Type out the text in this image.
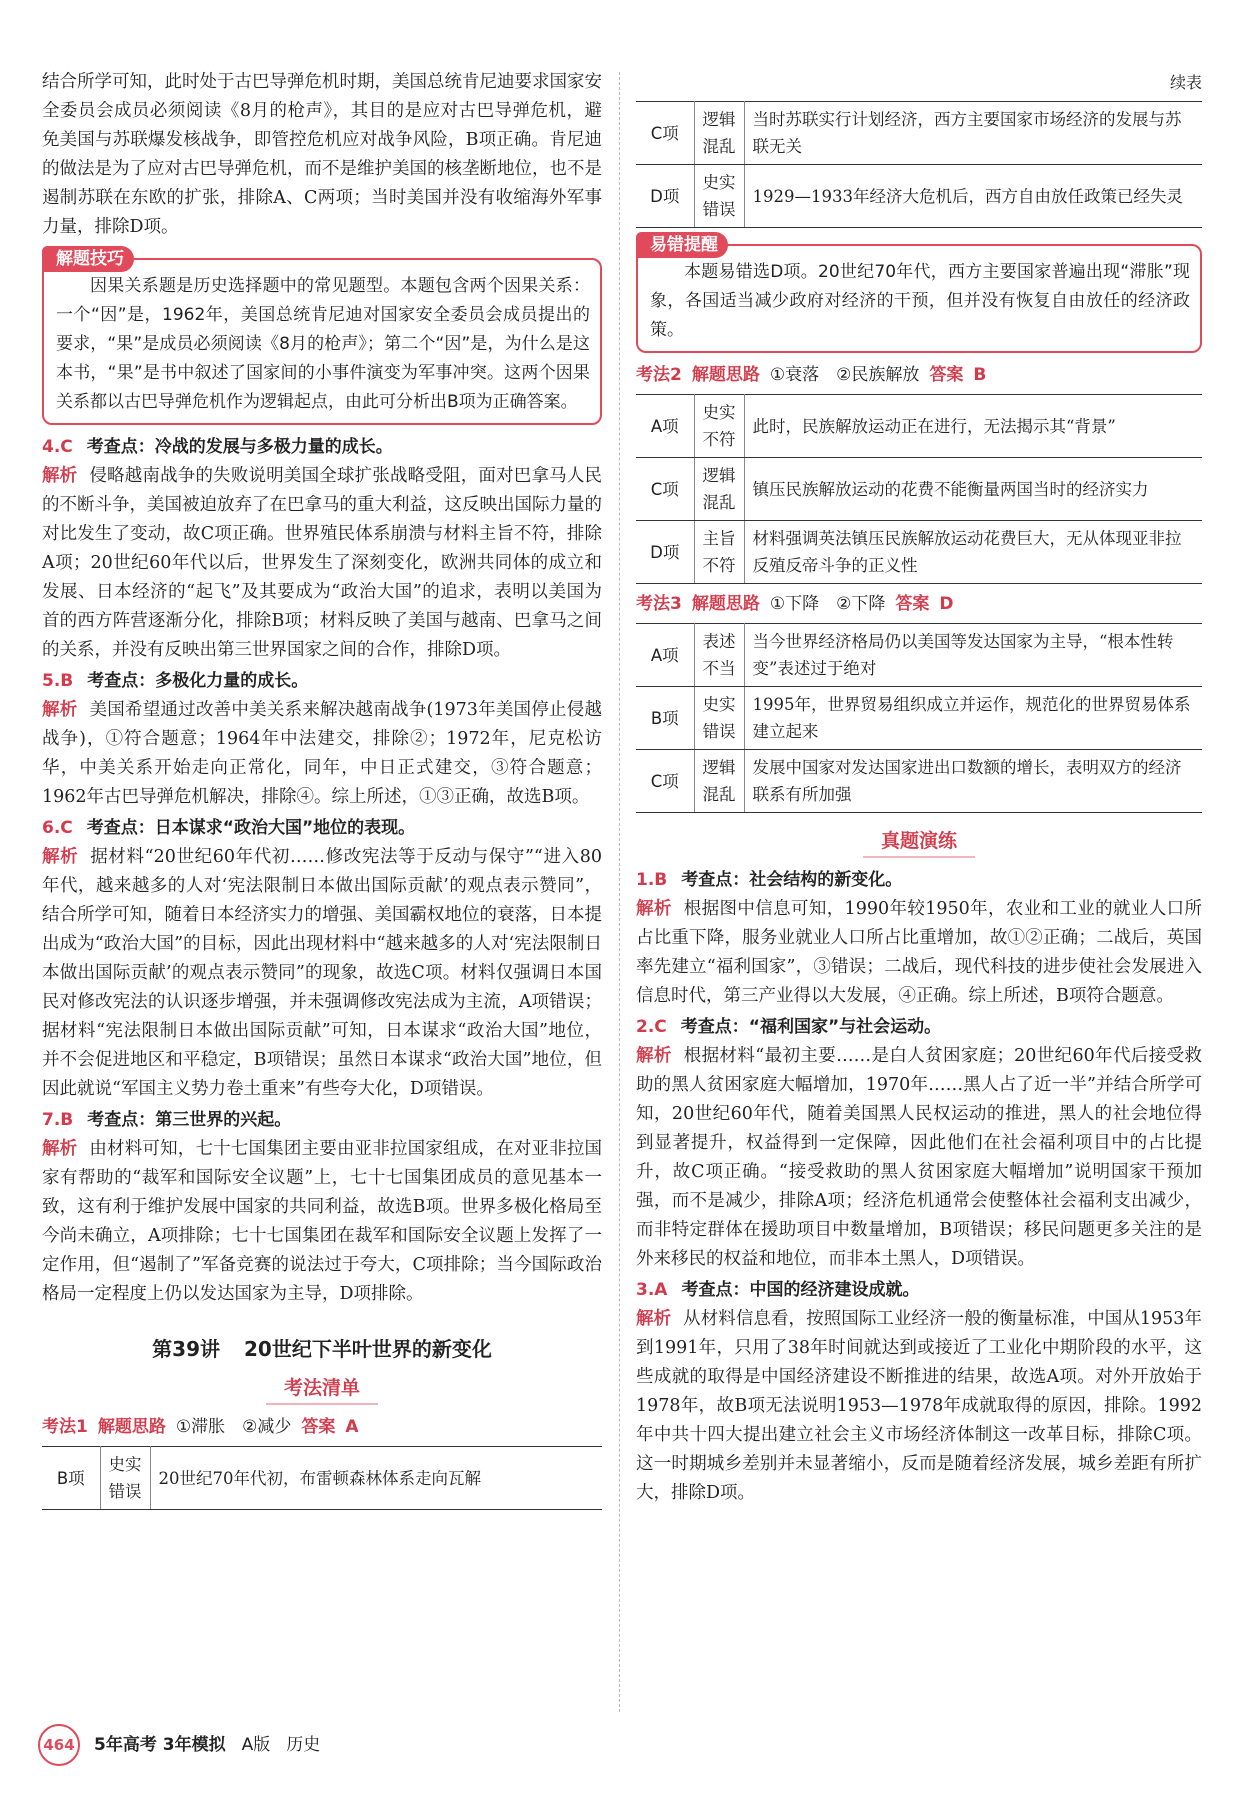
结合所学可知，此时处于古巴导弹危机时期，美国总统肯尼迪要求国家安全委员会成员必须阅读《8月的枪声》，其目的是应对古巴导弹危机，避免美国与苏联爆发核战争，即管控危机应对战争风险，B项正确。肯尼迪的做法是为了应对古巴导弹危机，而不是维护美国的核垄断地位，也不是遏制苏联在东欧的扩张，排除A、C两项；当时美国并没有收缩海外军事力量，排除D项。

解题技巧

因果关系题是历史选择题中的常见题型。本题包含两个因果关系：一个“因”是，1962年，美国总统肯尼迪对国家安全委员会成员提出的要求，“果”是成员必须阅读《8月的枪声》；第二个“因”是，为什么是这本书，“果”是书中叙述了国家间的小事件演变为军事冲突。这两个因果关系都以古巴导弹危机作为逻辑起点，由此可分析出B项为正确答案。

4.C 考查点：冷战的发展与多极力量的成长。

解析 侵略越南战争的失败说明美国全球扩张战略受阻，面对巴拿马人民的不断斗争，美国被迫放弃了在巴拿马的重大利益，这反映出国际力量的对比发生了变动，故C项正确。世界殖民体系崩溃与材料主旨不符，排除A项；20世纪60年代以后，世界发生了深刻变化，欧洲共同体的成立和发展、日本经济的“起飞”及其要成为“政治大国”的追求，表明以美国为首的西方阵营逐渐分化，排除B项；材料反映了美国与越南、巴拿马之间的关系，并没有反映出第三世界国家之间的合作，排除D项。

5.B 考查点：多极化力量的成长。

解析 美国希望通过改善中美关系来解决越南战争(1973年美国停止侵越战争)，①符合题意；1964年中法建交，排除②；1972年，尼克松访华，中美关系开始走向正常化，同年，中日正式建交，③符合题意；1962年古巴导弹危机解决，排除④。综上所述，①③正确，故选B项。

6.C 考查点：日本谋求“政治大国”地位的表现。

解析 据材料“20世纪60年代初……修改宪法等于反动与保守”“进入80年代，越来越多的人对‘宪法限制日本做出国际贡献’的观点表示赞同”，结合所学可知，随着日本经济实力的增强、美国霸权地位的衰落，日本提出成为“政治大国”的目标，因此出现材料中“越来越多的人对‘宪法限制日本做出国际贡献’的观点表示赞同”的现象，故选C项。材料仅强调日本国民对修改宪法的认识逐步增强，并未强调修改宪法成为主流，A项错误；据材料“宪法限制日本做出国际贡献”可知，日本谋求“政治大国”地位，并不会促进地区和平稳定，B项错误；虽然日本谋求“政治大国”地位，但因此就说“军国主义势力卷土重来”有些夸大化，D项错误。

7.B 考查点：第三世界的兴起。

解析 由材料可知，七十七国集团主要由亚非拉国家组成，在对亚非拉国家有帮助的“裁军和国际安全议题”上，七十七国集团成员的意见基本一致，这有利于维护发展中国家的共同利益，故选B项。世界多极化格局至今尚未确立，A项排除；七十七国集团在裁军和国际安全议题上发挥了一定作用，但“遏制了”军备竞赛的说法过于夸大，C项排除；当今国际政治格局一定程度上仍以发达国家为主导，D项排除。

第39讲 20世纪下半叶世界的新变化
考法清单
考法1 解题思路 ①滞胀　②减少 答案 A
B项	史实错误	20世纪70年代初，布雷顿森林体系走向瓦解
续表
C项	逻辑混乱	当时苏联实行计划经济，西方主要国家市场经济的发展与苏联无关
D项	史实错误	1929—1933年经济大危机后，西方自由放任政策已经失灵
易错提醒

本题易错选D项。20世纪70年代，西方主要国家普遍出现“滞胀”现象，各国适当减少政府对经济的干预，但并没有恢复自由放任的经济政策。

考法2 解题思路 ①衰落　②民族解放 答案 B
A项	史实不符	此时，民族解放运动正在进行，无法揭示其“背景”
C项	逻辑混乱	镇压民族解放运动的花费不能衡量两国当时的经济实力
D项	主旨不符	材料强调英法镇压民族解放运动花费巨大，无从体现亚非拉反殖反帝斗争的正义性
考法3 解题思路 ①下降　②下降 答案 D
A项	表述不当	当今世界经济格局仍以美国等发达国家为主导，“根本性转变”表述过于绝对
B项	史实错误	1995年，世界贸易组织成立并运作，规范化的世界贸易体系建立起来
C项	逻辑混乱	发展中国家对发达国家进出口数额的增长，表明双方的经济联系有所加强
真题演练
1.B 考查点：社会结构的新变化。

解析 根据图中信息可知，1990年较1950年，农业和工业的就业人口所占比重下降，服务业就业人口所占比重增加，故①②正确；二战后，英国率先建立“福利国家”，③错误；二战后，现代科技的进步使社会发展进入信息时代，第三产业得以大发展，④正确。综上所述，B项符合题意。

2.C 考查点：“福利国家”与社会运动。

解析 根据材料“最初主要……是白人贫困家庭；20世纪60年代后接受救助的黑人贫困家庭大幅增加，1970年……黑人占了近一半”并结合所学可知，20世纪60年代，随着美国黑人民权运动的推进，黑人的社会地位得到显著提升，权益得到一定保障，因此他们在社会福利项目中的占比提升，故C项正确。“接受救助的黑人贫困家庭大幅增加”说明国家干预加强，而不是减少，排除A项；经济危机通常会使整体社会福利支出减少，而非特定群体在援助项目中数量增加，B项错误；移民问题更多关注的是外来移民的权益和地位，而非本土黑人，D项错误。

3.A 考查点：中国的经济建设成就。

解析 从材料信息看，按照国际工业经济一般的衡量标准，中国从1953年到1991年，只用了38年时间就达到或接近了工业化中期阶段的水平，这些成就的取得是中国经济建设不断推进的结果，故选A项。对外开放始于1978年，故B项无法说明1953—1978年成就取得的原因，排除。1992年中共十四大提出建立社会主义市场经济体制这一改革目标，排除C项。这一时期城乡差别并未显著缩小，反而是随着经济发展，城乡差距有所扩大，排除D项。

464	5年高考 3年模拟 A版 历史
